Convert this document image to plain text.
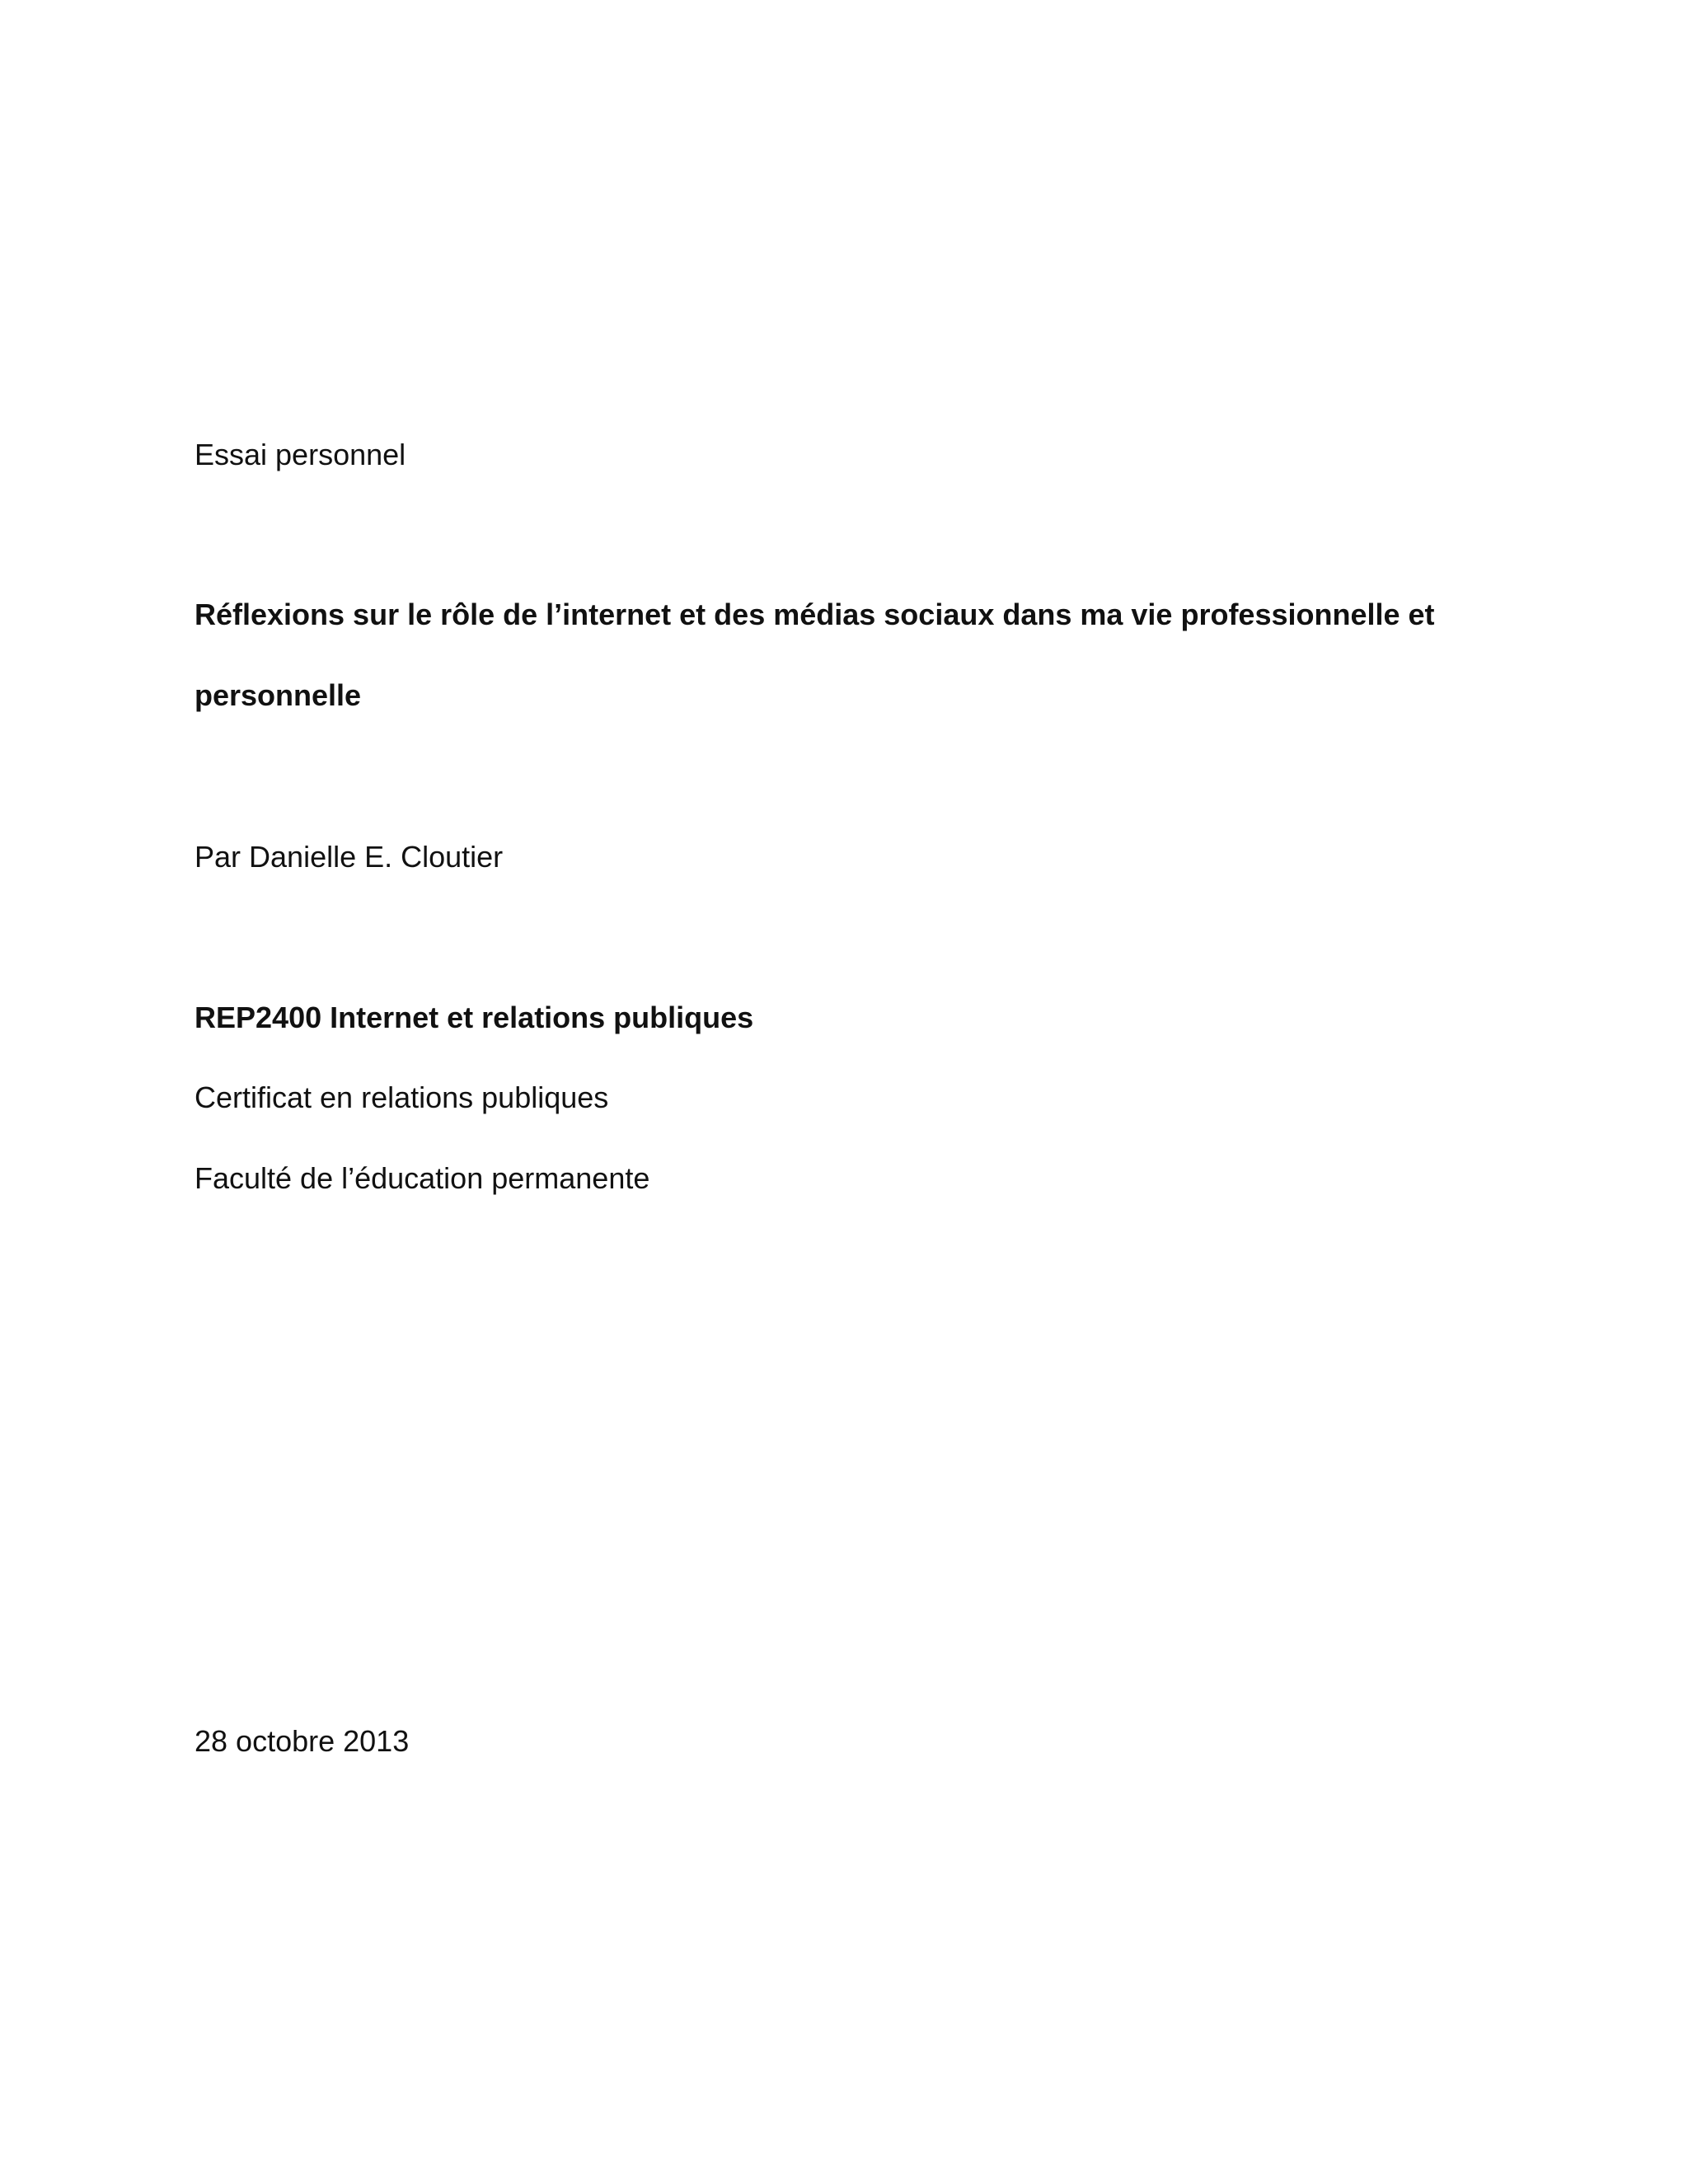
Essai personnel

Réflexions sur le rôle de l’internet et des médias sociaux dans ma vie professionnelle et

personnelle

Par Danielle E. Cloutier

REP2400 Internet et relations publiques

Certificat en relations publiques

Faculté de l’éducation permanente

28 octobre 2013
